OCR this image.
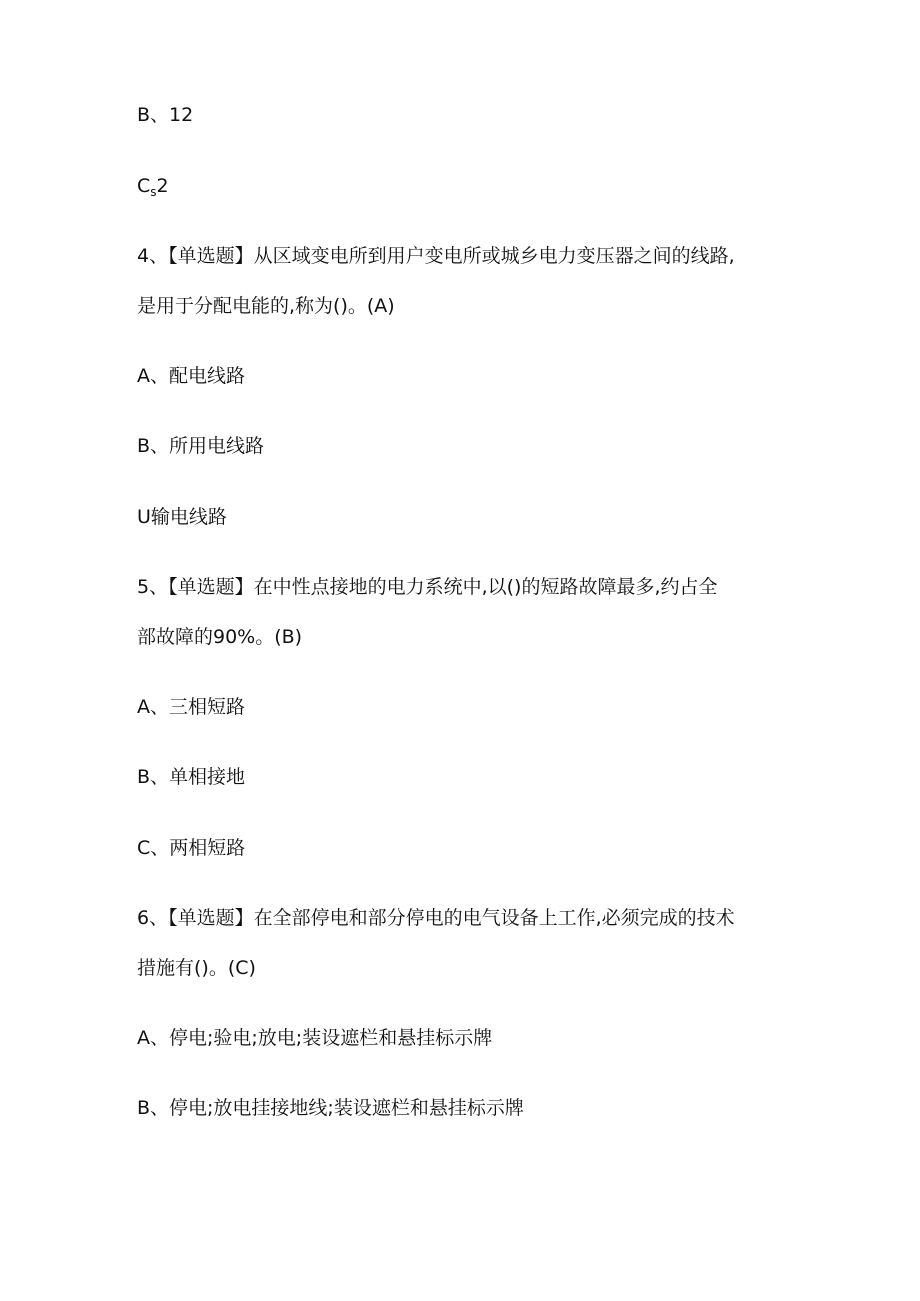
B、12
$C_s2$
4、【单选题】从区域变电所到用户变电所或城乡电力变压器之间的线路,
是用于分配电能的,称为()。(A)
A、配电线路
B、所用电线路
U输电线路
5、【单选题】在中性点接地的电力系统中,以()的短路故障最多,约占全
部故障的90%。(B)
A、三相短路
B、单相接地
C、两相短路
6、【单选题】在全部停电和部分停电的电气设备上工作,必须完成的技术
措施有()。(C)
A、停电;验电;放电;装设遮栏和悬挂标示牌
B、停电;放电挂接地线;装设遮栏和悬挂标示牌
